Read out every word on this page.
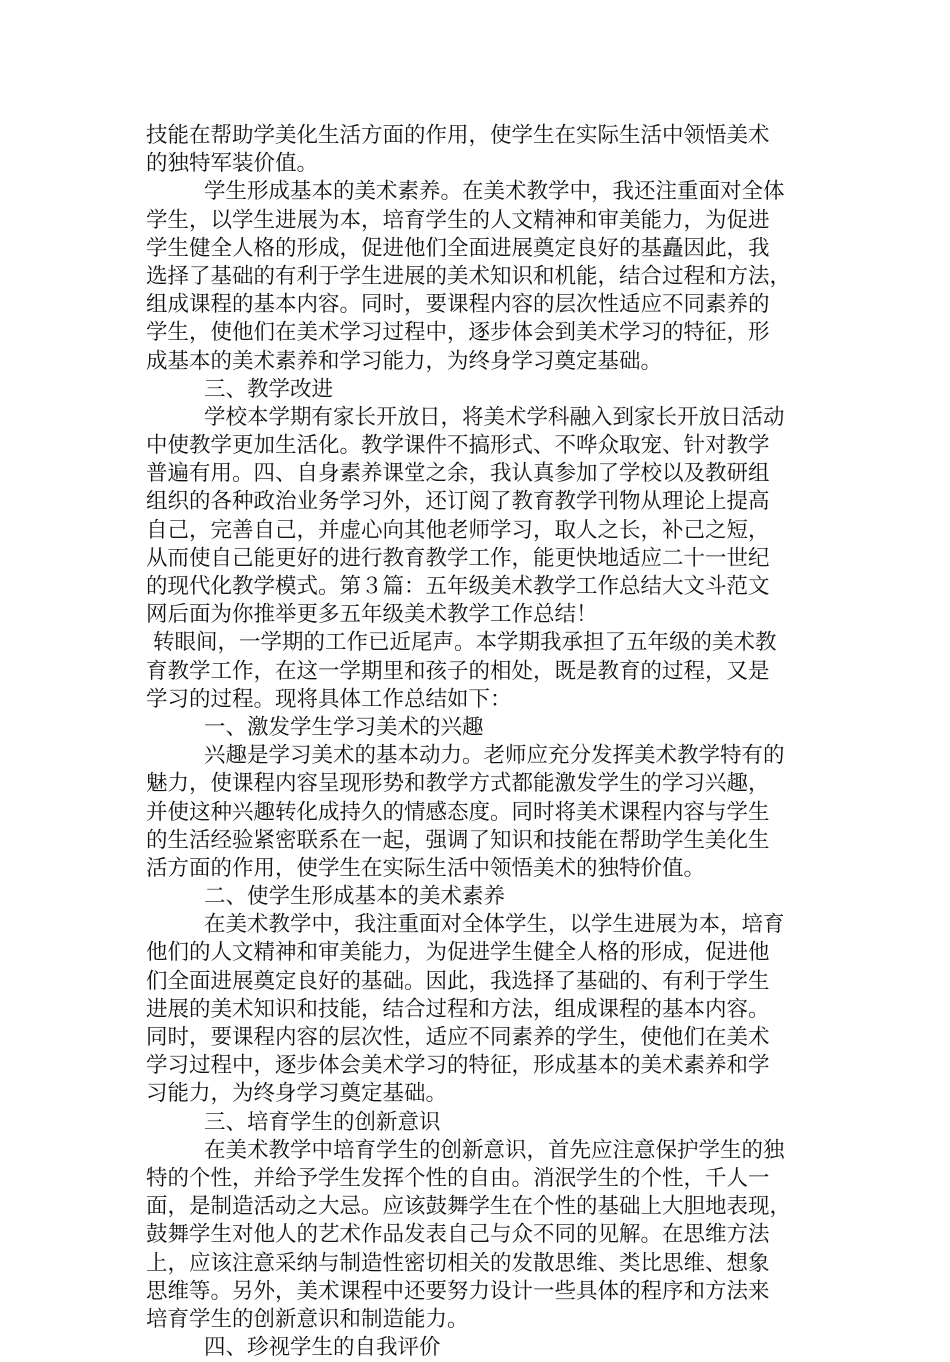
技能在帮助学美化生活方面的作用，使学生在实际生活中领悟美术
的独特军装价值。
学生形成基本的美术素养。在美术教学中，我还注重面对全体
学生，以学生进展为本，培育学生的人文精神和审美能力，为促进
学生健全人格的形成，促进他们全面进展奠定良好的基矗因此，我
选择了基础的有利于学生进展的美术知识和机能，结合过程和方法，
组成课程的基本内容。同时，要课程内容的层次性适应不同素养的
学生，使他们在美术学习过程中，逐步体会到美术学习的特征，形
成基本的美术素养和学习能力，为终身学习奠定基础。
三、教学改进
学校本学期有家长开放日，将美术学科融入到家长开放日活动
中使教学更加生活化。教学课件不搞形式、不哗众取宠、针对教学
普遍有用。四、自身素养课堂之余，我认真参加了学校以及教研组
组织的各种政治业务学习外，还订阅了教育教学刊物从理论上提高
自己，完善自己，并虚心向其他老师学习，取人之长，补己之短，
从而使自己能更好的进行教育教学工作，能更快地适应二十一世纪
的现代化教学模式。第３篇：五年级美术教学工作总结大文斗范文
网后面为你推举更多五年级美术教学工作总结！
转眼间，一学期的工作已近尾声。本学期我承担了五年级的美术教
育教学工作，在这一学期里和孩子的相处，既是教育的过程，又是
学习的过程。现将具体工作总结如下：
一、激发学生学习美术的兴趣
兴趣是学习美术的基本动力。老师应充分发挥美术教学特有的
魅力，使课程内容呈现形势和教学方式都能激发学生的学习兴趣，
并使这种兴趣转化成持久的情感态度。同时将美术课程内容与学生
的生活经验紧密联系在一起，强调了知识和技能在帮助学生美化生
活方面的作用，使学生在实际生活中领悟美术的独特价值。
二、使学生形成基本的美术素养
在美术教学中，我注重面对全体学生，以学生进展为本，培育
他们的人文精神和审美能力，为促进学生健全人格的形成，促进他
们全面进展奠定良好的基础。因此，我选择了基础的、有利于学生
进展的美术知识和技能，结合过程和方法，组成课程的基本内容。
同时，要课程内容的层次性，适应不同素养的学生，使他们在美术
学习过程中，逐步体会美术学习的特征，形成基本的美术素养和学
习能力，为终身学习奠定基础。
三、培育学生的创新意识
在美术教学中培育学生的创新意识，首先应注意保护学生的独
特的个性，并给予学生发挥个性的自由。消泯学生的个性，千人一
面，是制造活动之大忌。应该鼓舞学生在个性的基础上大胆地表现，
鼓舞学生对他人的艺术作品发表自己与众不同的见解。在思维方法
上，应该注意采纳与制造性密切相关的发散思维、类比思维、想象
思维等。另外，美术课程中还要努力设计一些具体的程序和方法来
培育学生的创新意识和制造能力。
四、珍视学生的自我评价
